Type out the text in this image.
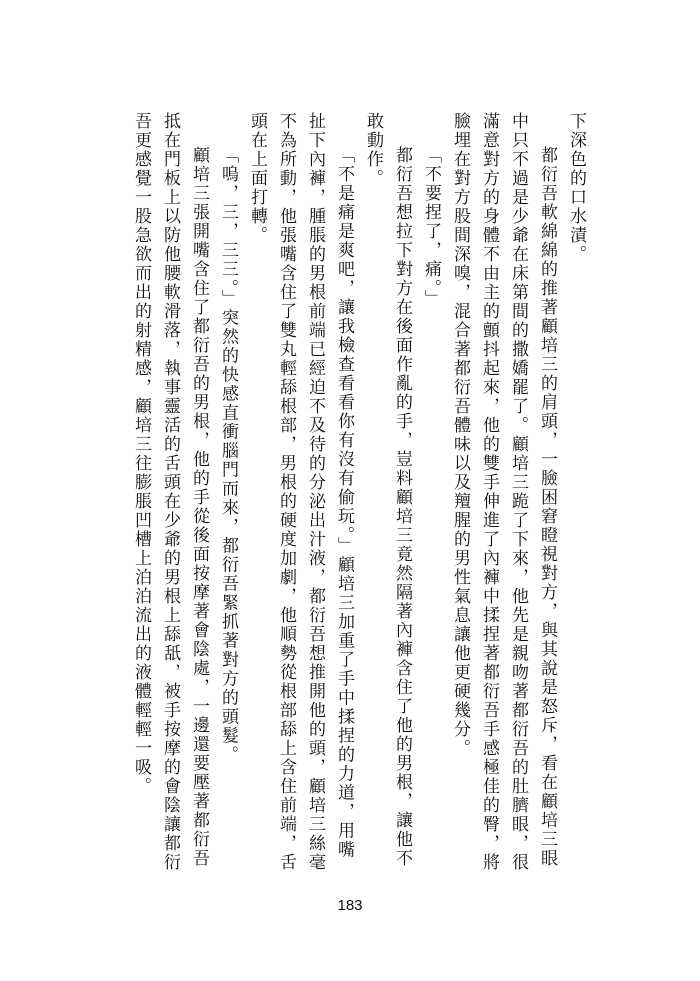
下深色的口水漬。

都衍吾軟綿綿的推著顧培三的肩頭，一臉困窘瞪視對方，與其說是怒斥，看在顧培三眼中只不過是少爺在床第間的撒嬌罷了。顧培三跪了下來，他先是親吻著都衍吾的肚臍眼，很滿意對方的身體不由主的顫抖起來，他的雙手伸進了內褲中揉捏著都衍吾手感極佳的臀，將臉埋在對方股間深嗅，混合著都衍吾體味以及羶腥的男性氣息讓他更硬幾分。

「不要捏了，痛。」

都衍吾想拉下對方在後面作亂的手，豈料顧培三竟然隔著內褲含住了他的男根，讓他不敢動作。

「不是痛是爽吧，讓我檢查看看你有沒有偷玩。」顧培三加重了手中揉捏的力道，用嘴扯下內褲，腫脹的男根前端已經迫不及待的分泌出汁液，都衍吾想推開他的頭，顧培三絲毫不為所動，他張嘴含住了雙丸輕舔根部，男根的硬度加劇，他順勢從根部舔上含住前端，舌頭在上面打轉。

「嗚，三，三三。」突然的快感直衝腦門而來，都衍吾緊抓著對方的頭髮。

顧培三張開嘴含住了都衍吾的男根，他的手從後面按摩著會陰處，一邊還要壓著都衍吾抵在門板上以防他腰軟滑落，執事靈活的舌頭在少爺的男根上舔舐，被手按摩的會陰讓都衍吾更感覺一股急欲而出的射精感，顧培三往膨脹凹槽上泊泊流出的液體輕輕一吸。

183
